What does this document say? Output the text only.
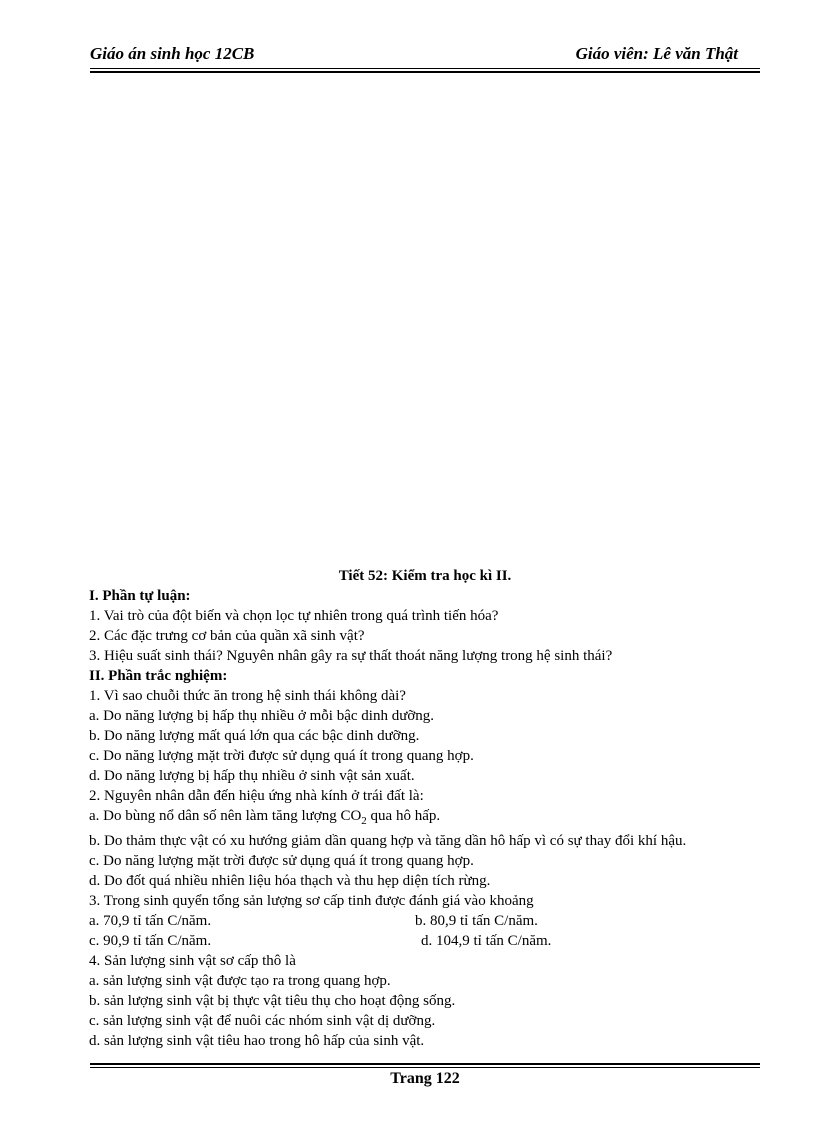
Giáo án sinh học 12CB	Giáo viên: Lê văn Thật
Tiết 52: Kiểm tra học kì II.
I. Phần tự luận:
1. Vai trò của đột biến và chọn lọc tự nhiên trong quá trình tiến hóa?
2. Các đặc trưng cơ bản của quần xã sinh vật?
3. Hiệu suất sinh thái? Nguyên nhân gây ra sự thất thoát năng lượng trong hệ sinh thái?
II. Phần trắc nghiệm:
1. Vì sao chuỗi thức ăn trong hệ sinh thái không dài?
a. Do năng lượng bị hấp thụ nhiều ở mỗi bậc dinh dưỡng.
b. Do năng lượng mất quá lớn qua các bậc dinh dưỡng.
c. Do năng lượng mặt trời được sử dụng quá ít trong quang hợp.
d. Do năng lượng bị hấp thụ nhiều ở sinh vật sản xuất.
2. Nguyên nhân dẫn đến hiệu ứng nhà kính ở trái đất là:
a. Do bùng nổ dân số nên làm tăng lượng $CO_2$ qua hô hấp.
b. Do thảm thực vật có xu hướng giảm dần quang hợp và tăng dần hô hấp vì có sự thay đổi khí hậu.
c. Do năng lượng mặt trời được sử dụng quá ít trong quang hợp.
d. Do đốt quá nhiều nhiên liệu hóa thạch và thu hẹp diện tích rừng.
3. Trong sinh quyển tổng sản lượng sơ cấp tinh được đánh giá vào khoảng
a. 70,9 tỉ tấn C/năm.	b. 80,9 tỉ tấn C/năm.
c. 90,9 tỉ tấn C/năm.	d. 104,9 tỉ tấn C/năm.
4. Sản lượng sinh vật sơ cấp thô là
a. sản lượng sinh vật được tạo ra trong quang hợp.
b. sản lượng sinh vật bị thực vật tiêu thụ cho hoạt động sống.
c. sản lượng sinh vật để nuôi các nhóm sinh vật dị dưỡng.
d. sản lượng sinh vật tiêu hao trong hô hấp của sinh vật.
Trang 122
